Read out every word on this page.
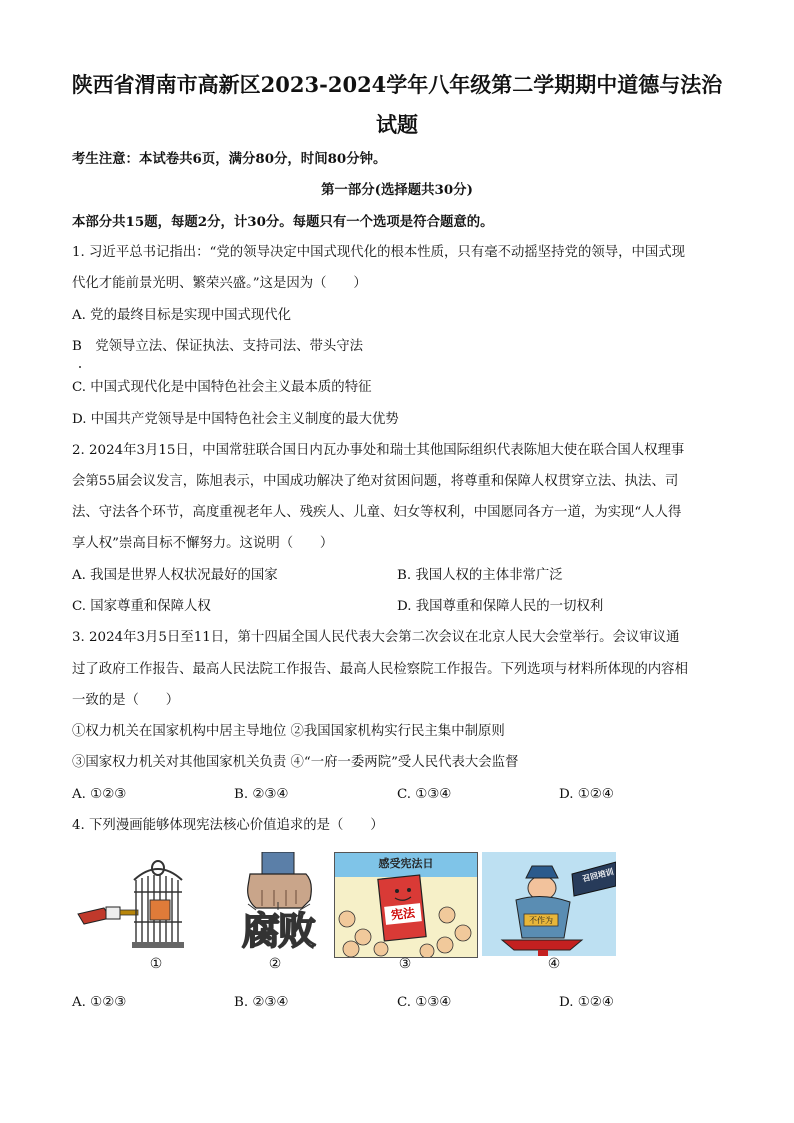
陕西省渭南市高新区2023-2024学年八年级第二学期期中道德与法治
试题
考生注意：本试卷共6页，满分80分，时间80分钟。
第一部分(选择题共30分)
本部分共15题，每题2分，计30分。每题只有一个选项是符合题意的。
1. 习近平总书记指出：“党的领导决定中国式现代化的根本性质，只有毫不动摇坚持党的领导，中国式现
代化才能前景光明、繁荣兴盛。”这是因为（　　）
A. 党的最终目标是实现中国式现代化
B　党领导立法、保证执法、支持司法、带头守法
C. 中国式现代化是中国特色社会主义最本质的特征
D. 中国共产党领导是中国特色社会主义制度的最大优势
2. 2024年3月15日，中国常驻联合国日内瓦办事处和瑞士其他国际组织代表陈旭大使在联合国人权理事
会第55届会议发言，陈旭表示，中国成功解决了绝对贫困问题，将尊重和保障人权贯穿立法、执法、司
法、守法各个环节，高度重视老年人、残疾人、儿童、妇女等权利，中国愿同各方一道，为实现“人人得
享人权”崇高目标不懈努力。这说明（　　）
A. 我国是世界人权状况最好的国家	B. 我国人权的主体非常广泛
C. 国家尊重和保障人权	D. 我国尊重和保障人民的一切权利
3. 2024年3月5日至11日，第十四届全国人民代表大会第二次会议在北京人民大会堂举行。会议审议通
过了政府工作报告、最高人民法院工作报告、最高人民检察院工作报告。下列选项与材料所体现的内容相
一致的是（　　）
①权力机关在国家机构中居主导地位 ②我国国家机构实行民主集中制原则
③国家权力机关对其他国家机关负责 ④“一府一委两院”受人民代表大会监督
A. ①②③	B. ②③④	C. ①③④	D. ①②④
4. 下列漫画能够体现宪法核心价值追求的是（　　）
腐败
感受宪法日
宪法
召回培训
不作为
①	②	③	④
A. ①②③	B. ②③④	C. ①③④	D. ①②④
